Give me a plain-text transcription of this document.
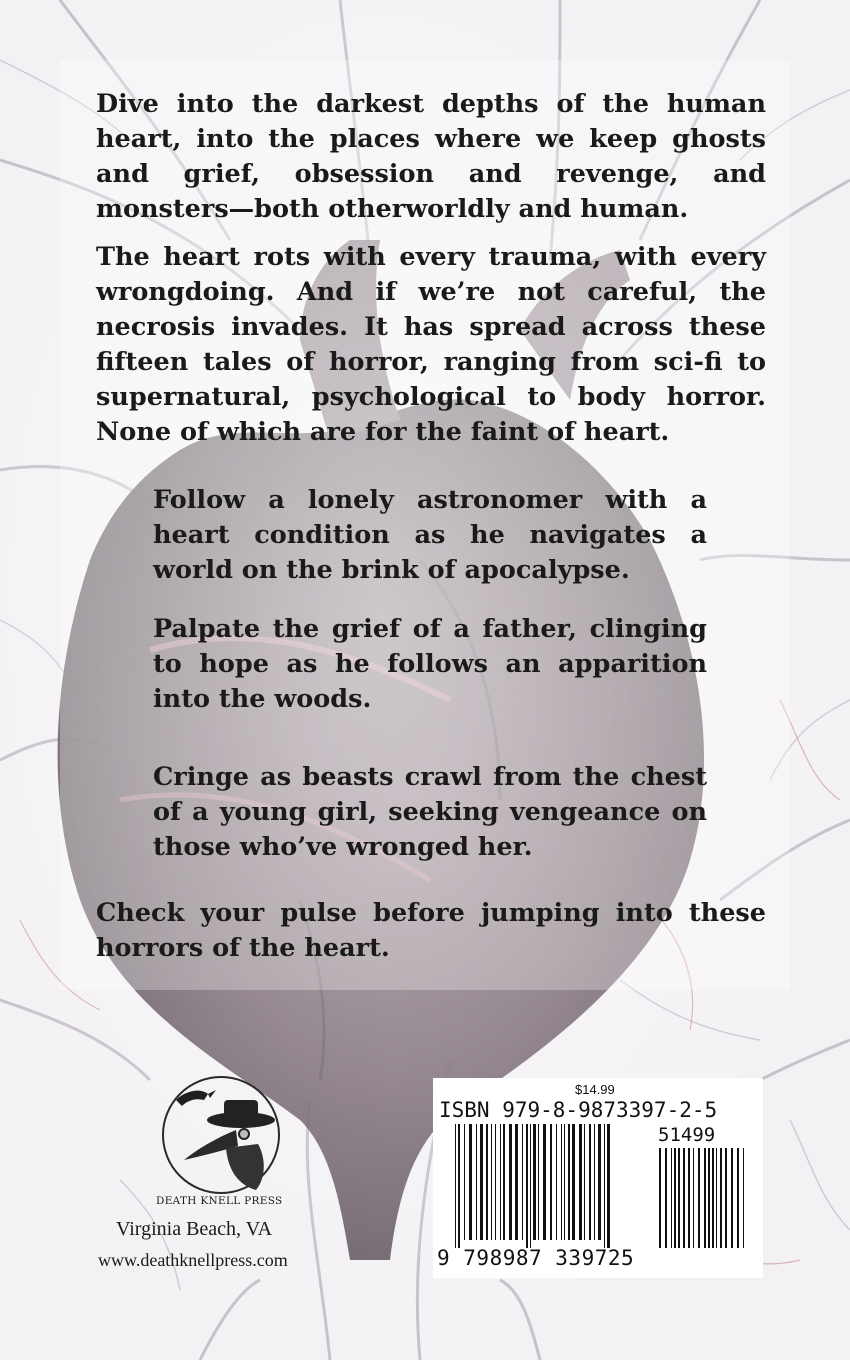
Dive into the darkest depths of the human heart, into the places where we keep ghosts and grief, obsession and revenge, and monsters—both otherworldly and human.
The heart rots with every trauma, with every wrongdoing. And if we’re not careful, the necrosis invades. It has spread across these fifteen tales of horror, ranging from sci-fi to supernatural, psychological to body horror. None of which are for the faint of heart.
Follow a lonely astronomer with a heart condition as he navigates a world on the brink of apocalypse.
Palpate the grief of a father, clinging to hope as he follows an apparition into the woods.
Cringe as beasts crawl from the chest of a young girl, seeking vengeance on those who’ve wronged her.
Check your pulse before jumping into these horrors of the heart.
DEATH KNELL PRESS
Virginia Beach, VA
www.deathknellpress.com
$14.99
ISBN 979-8-9873397-2-5
51499
9 798987 339725
